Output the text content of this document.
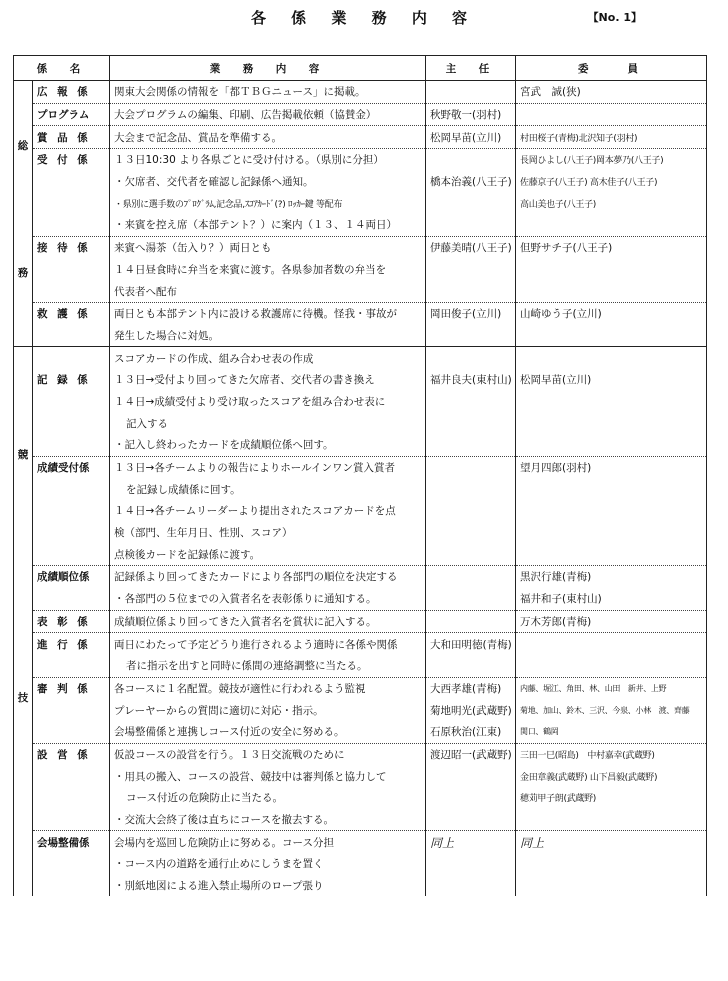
各 係 業 務 内 容	【No. 1】
係　名		業　務　内　容	主　任	委　　員

総
務	広 報 係	関東大会関係の情報を「都ＴＢＧニュース」に掲載。		宮武　誠(狭)
	プログラム	大会プログラムの編集、印刷、広告掲載依頼（協賛金）	秋野敬一(羽村)	
	賞 品 係	大会まで記念品、賞品を準備する。	松岡早苗(立川)	村田桜子(青梅)北沢知子(羽村)
	受 付 係	１３日10:30 より各県ごとに受け付ける。（県別に分担）		長岡ひよし(八王子)岡本夢乃(八王子)
		・欠席者、交代者を確認し記録係へ通知。	橋本治義(八王子)	佐藤京子(八王子) 高木佳子(八王子)
		・県別に選手数のﾌﾟﾛｸﾞﾗﾑ,記念品,ｽｺｱｶｰﾄﾞ(?) ﾛｯｶｰ鍵 等配布		高山美也子(八王子)
		・来賓を控え席（本部テント？）に案内（１３、１４両日）		
	接 待 係	来賓へ湯茶（缶入り？）両日とも	伊藤美晴(八王子)	但野サチ子(八王子)
		１４日昼食時に弁当を来賓に渡す。各県参加者数の弁当を		
		代表者へ配布		
	救 護 係	両日とも本部テント内に設ける救護席に待機。怪我・事故が	岡田俊子(立川)	山崎ゆう子(立川)
		発生した場合に対処。		

競
技		スコアカードの作成、組み合わせ表の作成		
	記 録 係	１３日→受付より回ってきた欠席者、交代者の書き換え	福井良夫(東村山)	松岡早苗(立川)
		１４日→成績受付より受け取ったスコアを組み合わせ表に		
		記入する		
		・記入し終わったカードを成績順位係へ回す。		
	成績受付係	１３日→各チームよりの報告によりホールインワン賞入賞者		望月四郎(羽村)
		を記録し成績係に回す。		
		１４日→各チームリーダーより提出されたスコアカードを点		
		検（部門、生年月日、性別、スコア）		
		点検後カードを記録係に渡す。		
	成績順位係	記録係より回ってきたカードにより各部門の順位を決定する		黒沢行雄(青梅)
		・各部門の５位までの入賞者名を表彰係りに通知する。		福井和子(東村山)
	表 彰 係	成績順位係より回ってきた入賞者名を賞状に記入する。		万木芳郎(青梅)
	進 行 係	両日にわたって予定どうり進行されるよう適時に各係や関係	大和田明徳(青梅)	
		者に指示を出すと同時に係間の連絡調整に当たる。		
	審 判 係	各コースに１名配置。競技が適性に行われるよう監視	大西孝雄(青梅)	内藤、堀江、角田、林、山田　新井、上野
		プレーヤーからの質問に適切に対応・指示。	菊地明光(武蔵野)	菊地、加山、鈴木、三沢、今泉、小林　渡、齊藤
		会場整備係と連携しコース付近の安全に努める。	石原秋治(江東)	関口、鶴岡
	設 営 係	仮設コースの設営を行う。１３日交流戦のために	渡辺昭一(武蔵野)	三田一巳(昭島)　中村嘉幸(武蔵野)
		・用具の搬入、コースの設営、競技中は審判係と協力して		金田章義(武蔵野) 山下昌毅(武蔵野)
		コース付近の危険防止に当たる。		穂苅甲子朗(武蔵野)
		・交流大会終了後は直ちにコースを撤去する。		
	会場整備係	会場内を巡回し危険防止に努める。コース分担	同上	同上
		・コース内の道路を通行止めにしうまを置く		
		・別紙地図による進入禁止場所のロープ張り		
